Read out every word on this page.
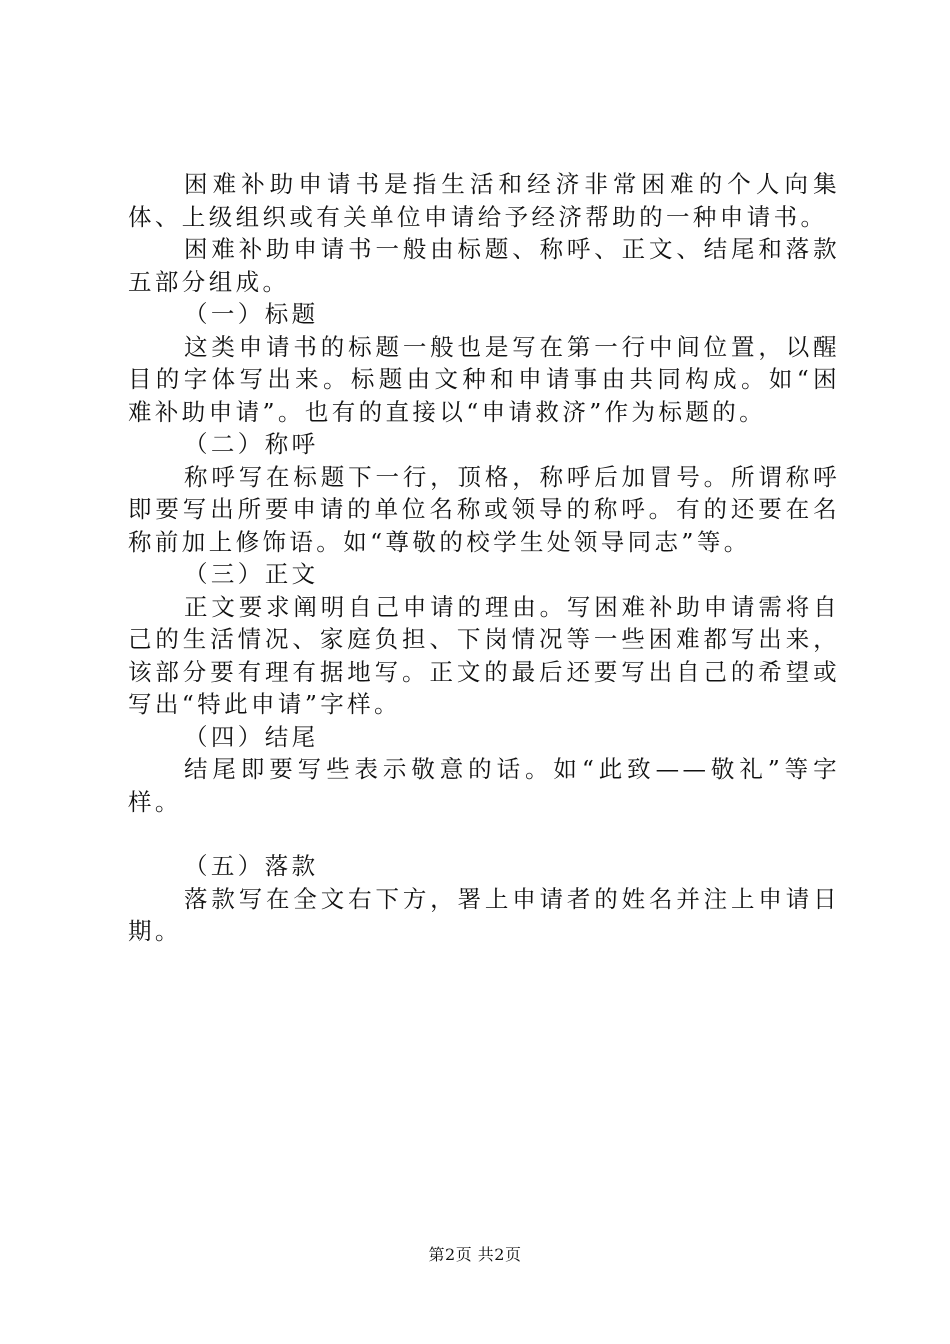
困难补助申请书是指生活和经济非常困难的个人向集体、上级组织或有关单位申请给予经济帮助的一种申请书。

困难补助申请书一般由标题、称呼、正文、结尾和落款五部分组成。

（一）标题

这类申请书的标题一般也是写在第一行中间位置，以醒目的字体写出来。标题由文种和申请事由共同构成。如“困难补助申请”。也有的直接以“申请救济”作为标题的。

（二）称呼

称呼写在标题下一行，顶格，称呼后加冒号。所谓称呼即要写出所要申请的单位名称或领导的称呼。有的还要在名称前加上修饰语。如“尊敬的校学生处领导同志”等。

（三）正文

正文要求阐明自己申请的理由。写困难补助申请需将自己的生活情况、家庭负担、下岗情况等一些困难都写出来，该部分要有理有据地写。正文的最后还要写出自己的希望或写出“特此申请”字样。

（四）结尾

结尾即要写些表示敬意的话。如“此致——敬礼”等字样。

（五）落款

落款写在全文右下方，署上申请者的姓名并注上申请日期。

第2页 共2页
